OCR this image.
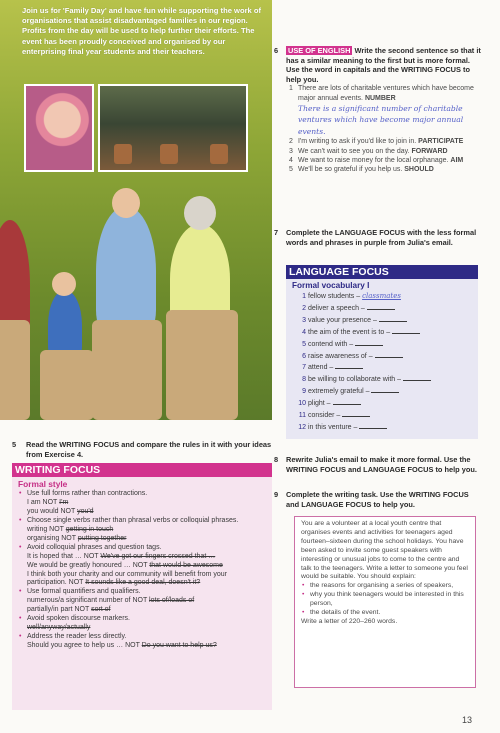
Join us for 'Family Day' and have fun while supporting the work of organisations that assist disadvantaged families in our region. Profits from the day will be used to help further their efforts. The event has been proudly conceived and organised by our enterprising final year students and their teachers.
5 Read the WRITING FOCUS and compare the rules in it with your ideas from Exercise 4.
WRITING FOCUS
Formal style
• Use full forms rather than contractions.
I am NOT I'm
you would NOT you'd
• Choose single verbs rather than phrasal verbs or colloquial phrases.
writing NOT getting in touch
organising NOT putting together
• Avoid colloquial phrases and question tags.
It is hoped that … NOT We've got our fingers crossed that …
We would be greatly honoured … NOT that would be awesome
I think both your charity and our community will benefit from your participation. NOT It sounds like a good deal, doesn't it?
• Use formal quantifiers and qualifiers.
numerous/a significant number of NOT lots of/loads of
partially/in part NOT sort of
• Avoid spoken discourse markers.
well/anyway/actually
• Address the reader less directly.
Should you agree to help us … NOT Do you want to help us?
6 USE OF ENGLISH Write the second sentence so that it has a similar meaning to the first but is more formal. Use the word in capitals and the WRITING FOCUS to help you.
1 There are lots of charitable ventures which have become major annual events. NUMBER
There is a significant number of charitable ventures which have become major annual events.
2 I'm writing to ask if you'd like to join in. PARTICIPATE
3 We can't wait to see you on the day. FORWARD
4 We want to raise money for the local orphanage. AIM
5 We'll be so grateful if you help us. SHOULD
7 Complete the LANGUAGE FOCUS with the less formal words and phrases in purple from Julia's email.
LANGUAGE FOCUS
Formal vocabulary I
1 fellow students – classmates
2 deliver a speech –
3 value your presence –
4 the aim of the event is to –
5 contend with –
6 raise awareness of –
7 attend –
8 be willing to collaborate with –
9 extremely grateful –
10 plight –
11 consider –
12 in this venture –
8 Rewrite Julia's email to make it more formal. Use the WRITING FOCUS and LANGUAGE FOCUS to help you.
9 Complete the writing task. Use the WRITING FOCUS and LANGUAGE FOCUS to help you.
You are a volunteer at a local youth centre that organises events and activities for teenagers aged fourteen–sixteen during the school holidays. You have been asked to invite some guest speakers with interesting or unusual jobs to come to the centre and talk to the teenagers. Write a letter to someone you feel would be suitable. You should explain:
• the reasons for organising a series of speakers,
• why you think teenagers would be interested in this person,
• the details of the event.
Write a letter of 220–260 words.
13
